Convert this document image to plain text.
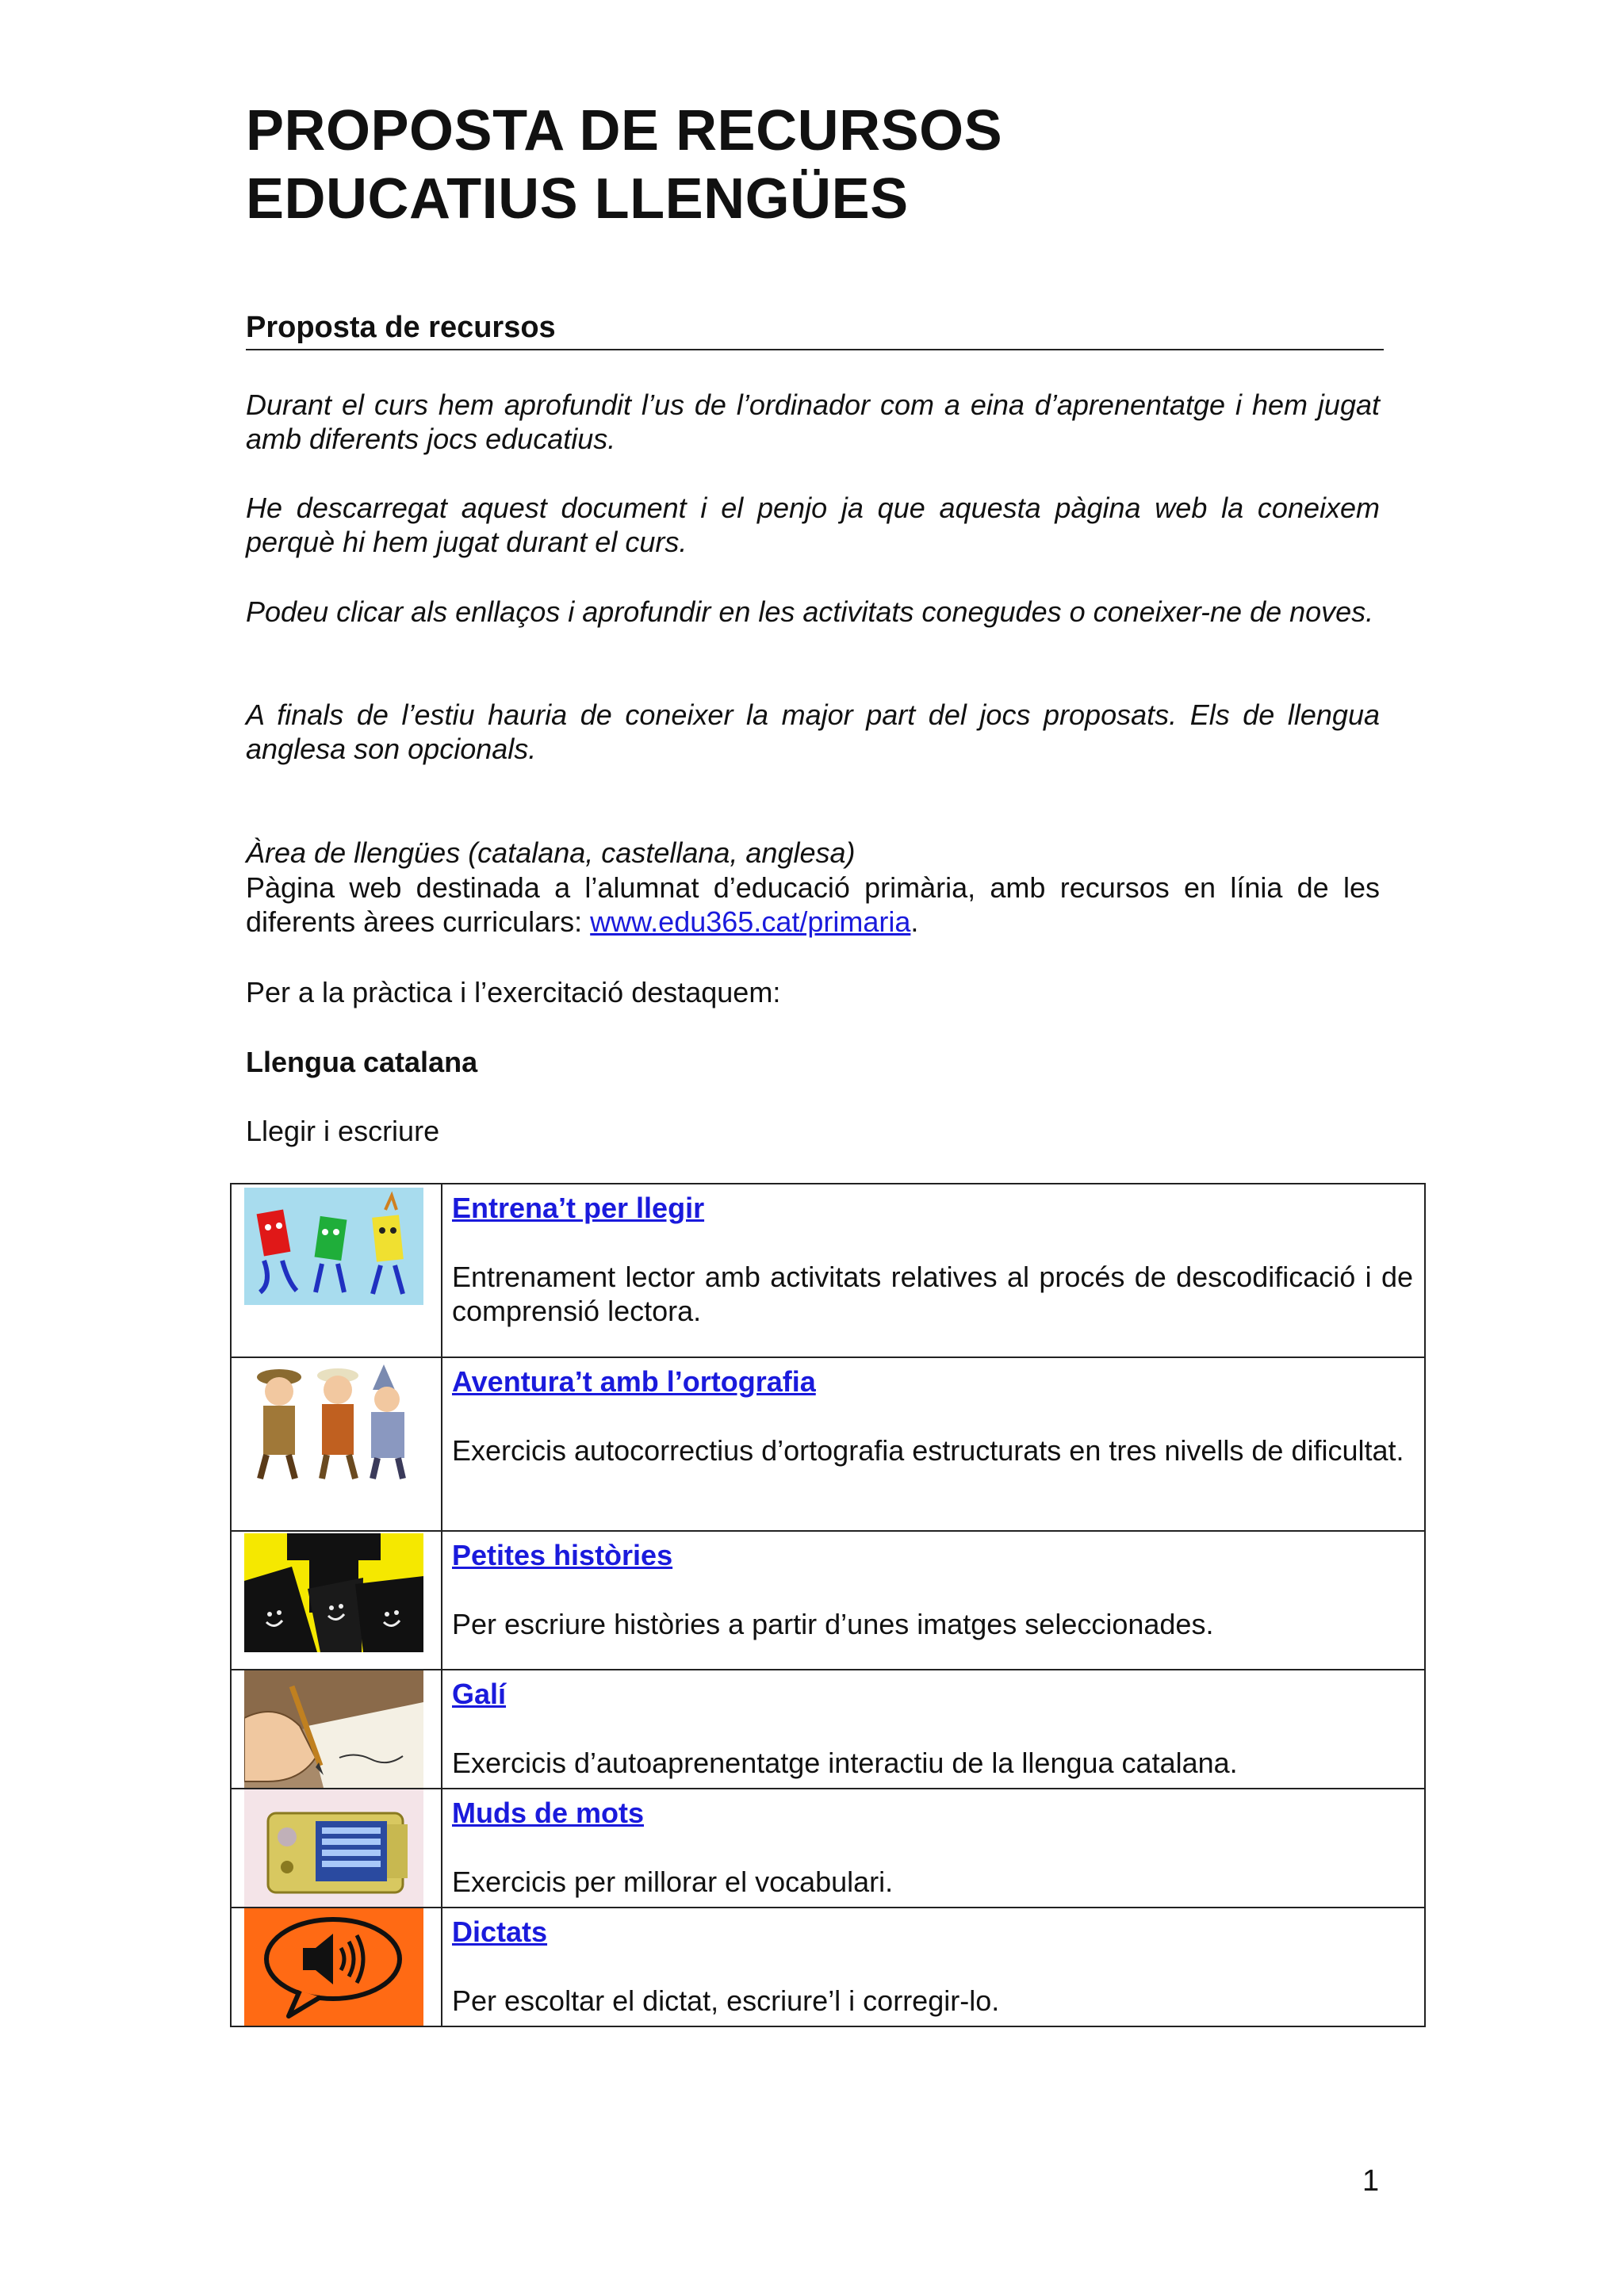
PROPOSTA DE RECURSOS
EDUCATIUS LLENGÜES
Proposta de recursos

Durant el curs hem aprofundit l’us de l’ordinador com a eina d’aprenentatge i hem jugat amb diferents jocs educatius.

He descarregat aquest document i el penjo ja que aquesta pàgina web la coneixem perquè hi hem jugat durant el curs.

Podeu clicar als enllaços i aprofundir en les activitats conegudes o coneixer-ne de noves.

A finals de l’estiu hauria de coneixer la major part del jocs proposats. Els de llengua anglesa son opcionals.

Àrea de llengües (catalana, castellana, anglesa)

Pàgina web destinada a l’alumnat d’educació primària, amb recursos en línia de les diferents àrees curriculars: www.edu365.cat/primaria.

Per a la pràctica i l’exercitació destaquem:

Llengua catalana

Llegir i escriure

Entrena’t per llegir
Entrenament lector amb activitats relatives al procés de descodificació i de comprensió lectora.

Aventura’t amb l’ortografia
Exercicis autocorrectius d’ortografia estructurats en tres nivells de dificultat.

Petites històries
Per escriure històries a partir d’unes imatges seleccionades.

Galí
Exercicis d’autoaprenentatge interactiu de la llengua catalana.

Muds de mots
Exercicis per millorar el vocabulari.

Dictats
Per escoltar el dictat, escriure’l i corregir-lo.
1
